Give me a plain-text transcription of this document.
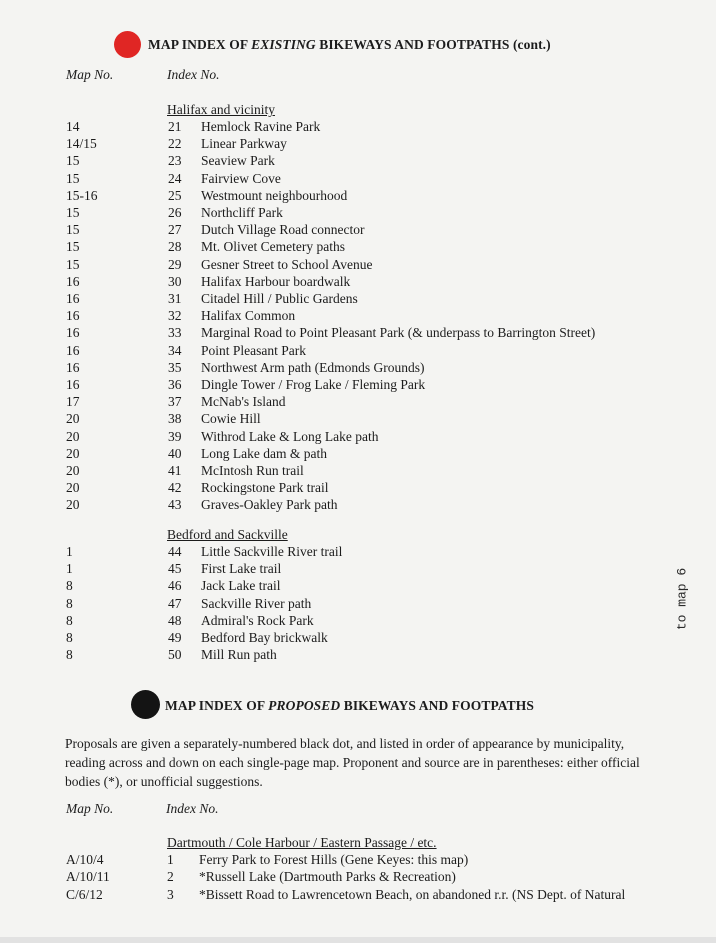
MAP INDEX OF EXISTING BIKEWAYS AND FOOTPATHS (cont.)
Map No.	Index No.
Halifax and vicinity
14	21 Hemlock Ravine Park
14/15	22 Linear Parkway
15	23 Seaview Park
15	24 Fairview Cove
15-16	25 Westmount neighbourhood
15	26 Northcliff Park
15	27 Dutch Village Road connector
15	28 Mt. Olivet Cemetery paths
15	29 Gesner Street to School Avenue
16	30 Halifax Harbour boardwalk
16	31 Citadel Hill / Public Gardens
16	32 Halifax Common
16	33 Marginal Road to Point Pleasant Park (& underpass to Barrington Street)
16	34 Point Pleasant Park
16	35 Northwest Arm path (Edmonds Grounds)
16	36 Dingle Tower / Frog Lake / Fleming Park
17	37 McNab's Island
20	38 Cowie Hill
20	39 Withrod Lake & Long Lake path
20	40 Long Lake dam & path
20	41 McIntosh Run trail
20	42 Rockingstone Park trail
20	43 Graves-Oakley Park path
Bedford and Sackville
1	44 Little Sackville River trail
1	45 First Lake trail
8	46 Jack Lake trail
8	47 Sackville River path
8	48 Admiral's Rock Park
8	49 Bedford Bay brickwalk
8	50 Mill Run path
MAP INDEX OF PROPOSED BIKEWAYS AND FOOTPATHS
Proposals are given a separately-numbered black dot, and listed in order of appearance by municipality, reading across and down on each single-page map. Proponent and source are in parentheses: either official bodies (*), or unofficial suggestions.
Map No.	Index No.
Dartmouth / Cole Harbour / Eastern Passage / etc.
A/10/4	1 Ferry Park to Forest Hills (Gene Keyes: this map)
A/10/11	2 *Russell Lake (Dartmouth Parks & Recreation)
C/6/12	3 *Bissett Road to Lawrencetown Beach, on abandoned r.r. (NS Dept. of Natural
to map 6
